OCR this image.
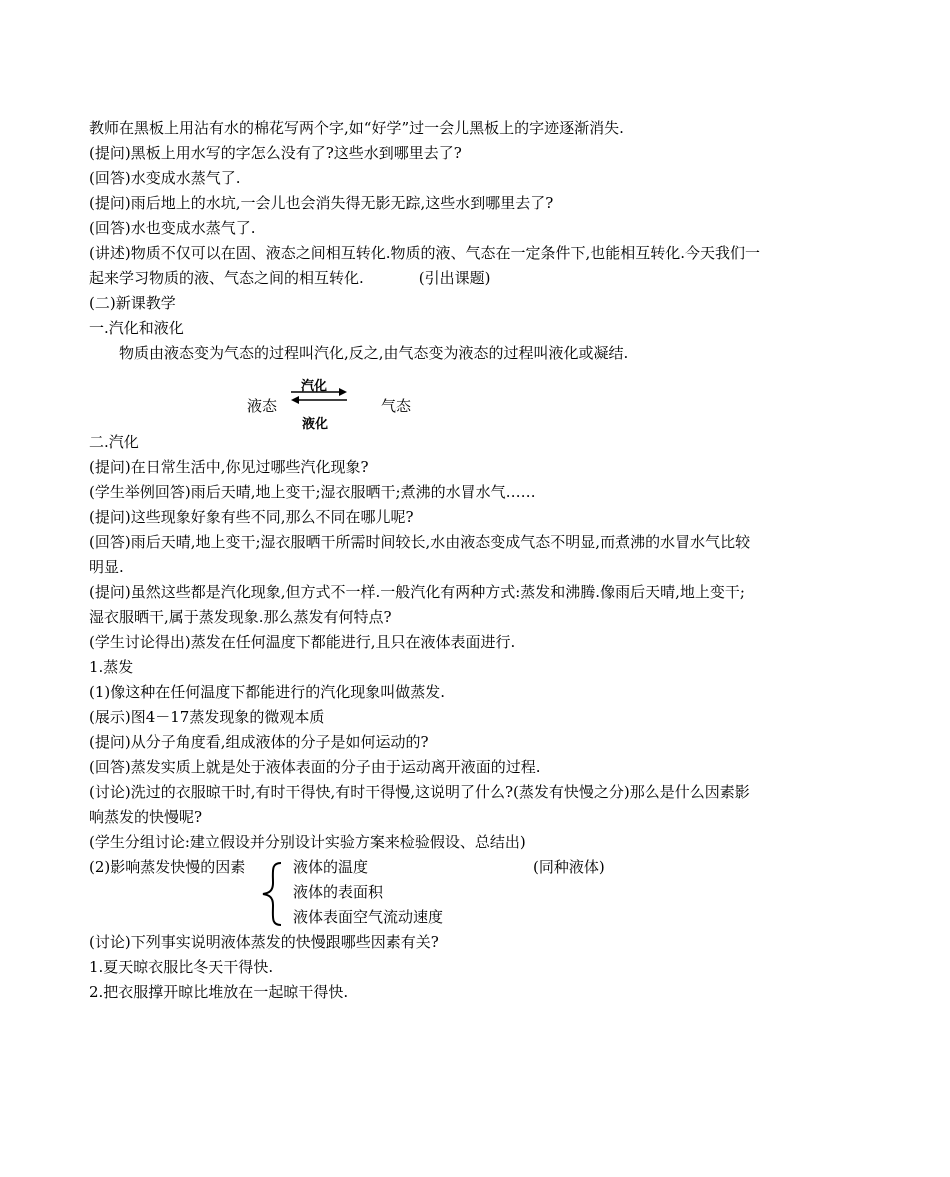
教师在黑板上用沾有水的棉花写两个字,如“好学”过一会儿黑板上的字迹逐渐消失.

(提问)黑板上用水写的字怎么没有了?这些水到哪里去了?

(回答)水变成水蒸气了.

(提问)雨后地上的水坑,一会儿也会消失得无影无踪,这些水到哪里去了?

(回答)水也变成水蒸气了.

(讲述)物质不仅可以在固、液态之间相互转化.物质的液、气态在一定条件下,也能相互转化.今天我们一

起来学习物质的液、气态之间的相互转化.	(引出课题)

(二)新课教学

一.汽化和液化

物质由液态变为气态的过程叫汽化,反之,由气态变为液态的过程叫液化或凝结.

汽化
液态	气态
液化

二.汽化

(提问)在日常生活中,你见过哪些汽化现象?

(学生举例回答)雨后天晴,地上变干;湿衣服晒干;煮沸的水冒水气……

(提问)这些现象好象有些不同,那么不同在哪儿呢?

(回答)雨后天晴,地上变干;湿衣服晒干所需时间较长,水由液态变成气态不明显,而煮沸的水冒水气比较

明显.

(提问)虽然这些都是汽化现象,但方式不一样.一般汽化有两种方式:蒸发和沸腾.像雨后天晴,地上变干;

湿衣服晒干,属于蒸发现象.那么蒸发有何特点?

(学生讨论得出)蒸发在任何温度下都能进行,且只在液体表面进行.

1.蒸发

(1)像这种在任何温度下都能进行的汽化现象叫做蒸发.

(展示)图4－17蒸发现象的微观本质

(提问)从分子角度看,组成液体的分子是如何运动的?

(回答)蒸发实质上就是处于液体表面的分子由于运动离开液面的过程.

(讨论)洗过的衣服晾干时,有时干得快,有时干得慢,这说明了什么?(蒸发有快慢之分)那么是什么因素影

响蒸发的快慢呢?

(学生分组讨论:建立假设并分别设计实验方案来检验假设、总结出)

(2)影响蒸发快慢的因素	液体的温度
液体的表面积
液体表面空气流动速度
(同种液体)

(讨论)下列事实说明液体蒸发的快慢跟哪些因素有关?

1.夏天晾衣服比冬天干得快.

2.把衣服撑开晾比堆放在一起晾干得快.
